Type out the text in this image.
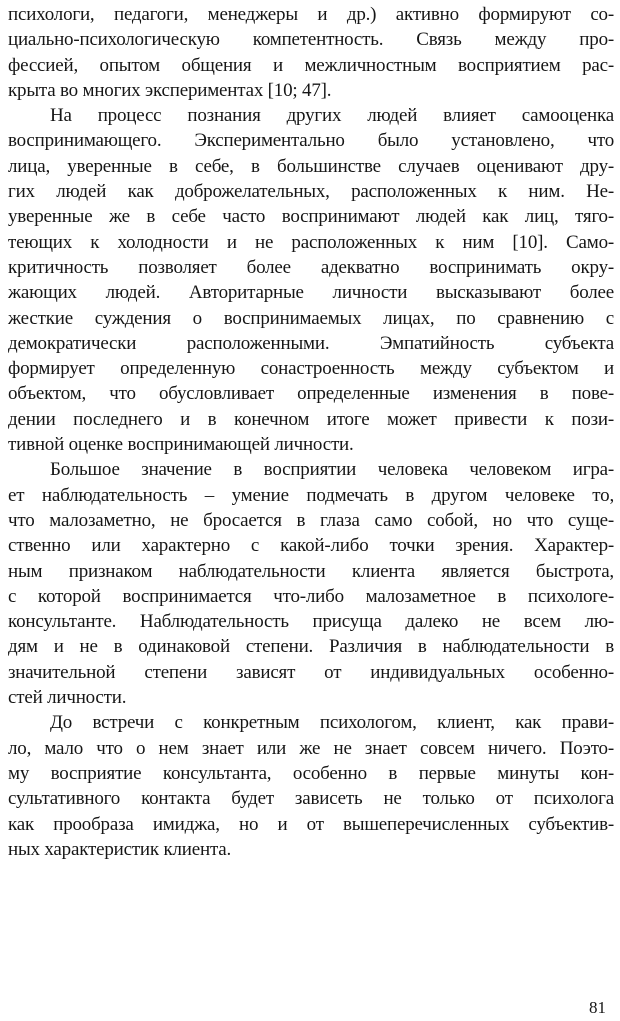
психологи, педагоги, менеджеры и др.) активно формируют со-
циально-психологическую компетентность. Связь между про-
фессией, опытом общения и межличностным восприятием рас-
крыта во многих экспериментах [10; 47].
На процесс познания других людей влияет самооценка
воспринимающего. Экспериментально было установлено, что
лица, уверенные в себе, в большинстве случаев оценивают дру-
гих людей как доброжелательных, расположенных к ним. Не-
уверенные же в себе часто воспринимают людей как лиц, тяго-
теющих к холодности и не расположенных к ним [10]. Само-
критичность позволяет более адекватно воспринимать окру-
жающих людей. Авторитарные личности высказывают более
жесткие суждения о воспринимаемых лицах, по сравнению с
демократически расположенными. Эмпатийность субъекта
формирует определенную сонастроенность между субъектом и
объектом, что обусловливает определенные изменения в пове-
дении последнего и в конечном итоге может привести к пози-
тивной оценке воспринимающей личности.
Большое значение в восприятии человека человеком игра-
ет наблюдательность – умение подмечать в другом человеке то,
что малозаметно, не бросается в глаза само собой, но что суще-
ственно или характерно с какой-либо точки зрения. Характер-
ным признаком наблюдательности клиента является быстрота,
с которой воспринимается что-либо малозаметное в психологе-
консультанте. Наблюдательность присуща далеко не всем лю-
дям и не в одинаковой степени. Различия в наблюдательности в
значительной степени зависят от индивидуальных особенно-
стей личности.
До встречи с конкретным психологом, клиент, как прави-
ло, мало что о нем знает или же не знает совсем ничего. Поэто-
му восприятие консультанта, особенно в первые минуты кон-
сультативного контакта будет зависеть не только от психолога
как прообраза имиджа, но и от вышеперечисленных субъектив-
ных характеристик клиента.
81
